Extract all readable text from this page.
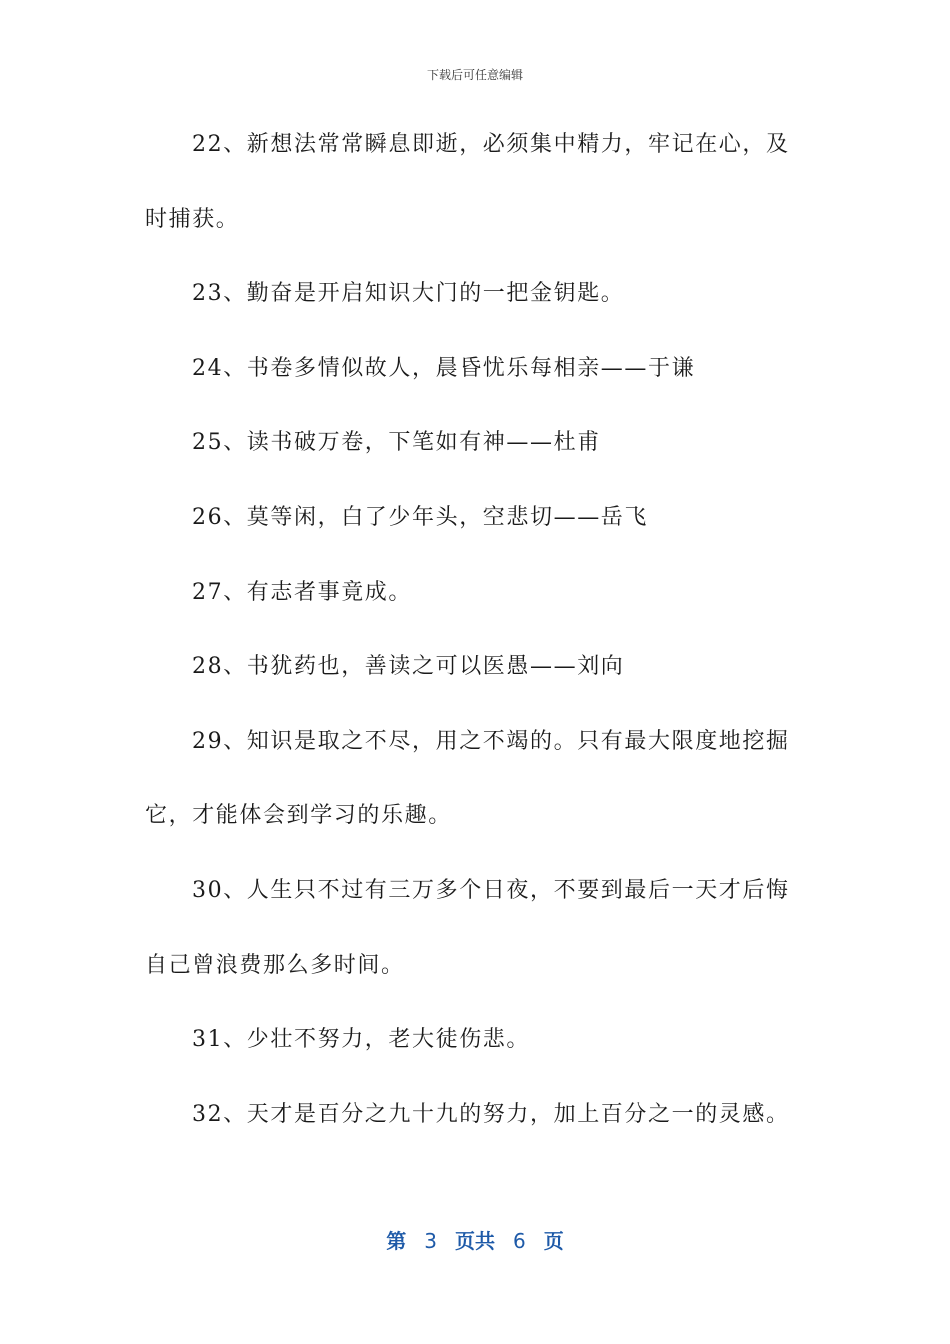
下载后可任意编辑
22、新想法常常瞬息即逝，必须集中精力，牢记在心，及
时捕获。
23、勤奋是开启知识大门的一把金钥匙。
24、书卷多情似故人，晨昏忧乐每相亲——于谦
25、读书破万卷，下笔如有神——杜甫
26、莫等闲，白了少年头，空悲切——岳飞
27、有志者事竟成。
28、书犹药也，善读之可以医愚——刘向
29、知识是取之不尽，用之不竭的。只有最大限度地挖掘
它，才能体会到学习的乐趣。
30、人生只不过有三万多个日夜，不要到最后一天才后悔
自己曾浪费那么多时间。
31、少壮不努力，老大徒伤悲。
32、天才是百分之九十九的努力，加上百分之一的灵感。
第 3 页共 6 页
